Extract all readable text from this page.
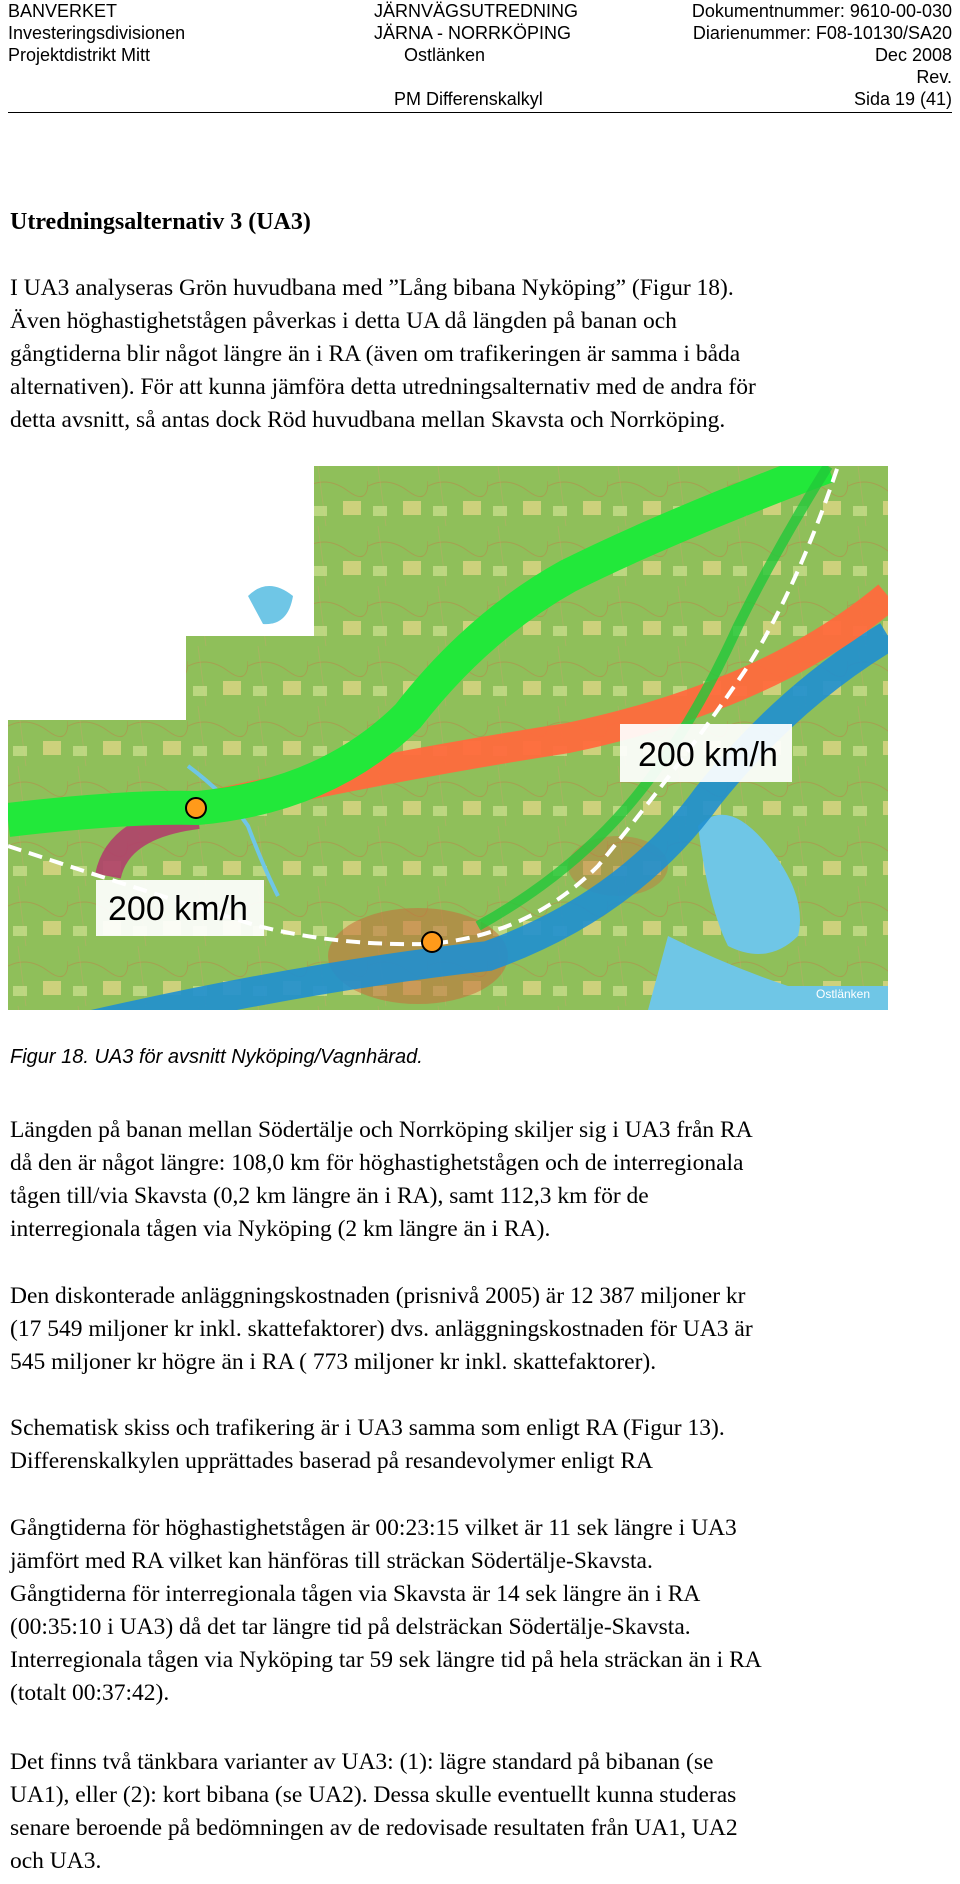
BANVERKET	JÄRNVÄGSUTREDNING	Dokumentnummer: 9610-00-030
Investeringsdivisionen	JÄRNA - NORRKÖPING	Diarienummer: F08-10130/SA20
Projektdistrikt Mitt	Ostlänken	Dec 2008
Rev.
PM Differenskalkyl	Sida 19 (41)
Utredningsalternativ 3 (UA3)
I UA3 analyseras Grön huvudbana med ”Lång bibana Nyköping” (Figur 18).
Även höghastighetstågen påverkas i detta UA då längden på banan och
gångtiderna blir något längre än i RA (även om trafikeringen är samma i båda
alternativen). För att kunna jämföra detta utredningsalternativ med de andra för
detta avsnitt, så antas dock Röd huvudbana mellan Skavsta och Norrköping.
200 km/h
200 km/h
Ostlänken
Figur 18. UA3 för avsnitt Nyköping/Vagnhärad.
Längden på banan mellan Södertälje och Norrköping skiljer sig i UA3 från RA
då den är något längre: 108,0 km för höghastighetstågen och de interregionala
tågen till/via Skavsta (0,2 km längre än i RA), samt 112,3 km för de
interregionala tågen via Nyköping (2 km längre än i RA).
Den diskonterade anläggningskostnaden (prisnivå 2005) är 12 387 miljoner kr
(17 549 miljoner kr inkl. skattefaktorer) dvs. anläggningskostnaden för UA3 är
545 miljoner kr högre än i RA ( 773 miljoner kr inkl. skattefaktorer).
Schematisk skiss och trafikering är i UA3 samma som enligt RA (Figur 13).
Differenskalkylen upprättades baserad på resandevolymer enligt RA
Gångtiderna för höghastighetstågen är 00:23:15 vilket är 11 sek längre i UA3
jämfört med RA vilket kan hänföras till sträckan Södertälje-Skavsta.
Gångtiderna för interregionala tågen via Skavsta är 14 sek längre än i RA
(00:35:10 i UA3) då det tar längre tid på delsträckan Södertälje-Skavsta.
Interregionala tågen via Nyköping tar 59 sek längre tid på hela sträckan än i RA
(totalt 00:37:42).
Det finns två tänkbara varianter av UA3: (1): lägre standard på bibanan (se
UA1), eller (2): kort bibana (se UA2). Dessa skulle eventuellt kunna studeras
senare beroende på bedömningen av de redovisade resultaten från UA1, UA2
och UA3.
